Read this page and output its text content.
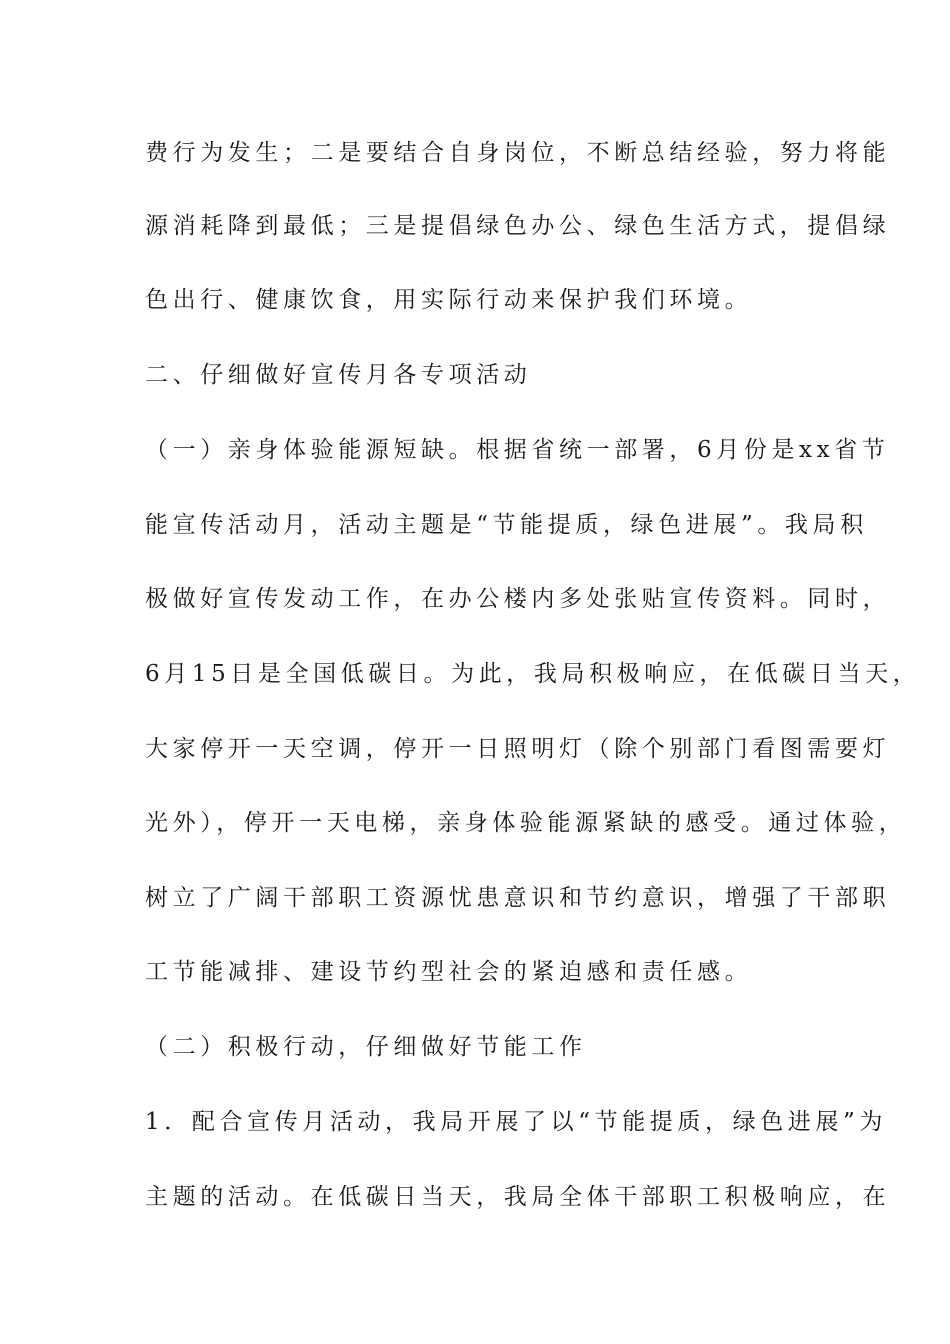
费行为发生；二是要结合自身岗位，不断总结经验，努力将能
源消耗降到最低；三是提倡绿色办公、绿色生活方式，提倡绿
色出行、健康饮食，用实际行动来保护我们环境。
二、仔细做好宣传月各专项活动
（一）亲身体验能源短缺。根据省统一部署，6月份是xx省节
能宣传活动月，活动主题是“节能提质，绿色进展”。我局积
极做好宣传发动工作，在办公楼内多处张贴宣传资料。同时，
6月15日是全国低碳日。为此，我局积极响应，在低碳日当天，
大家停开一天空调，停开一日照明灯（除个别部门看图需要灯
光外），停开一天电梯，亲身体验能源紧缺的感受。通过体验，
树立了广阔干部职工资源忧患意识和节约意识，增强了干部职
工节能减排、建设节约型社会的紧迫感和责任感。
（二）积极行动，仔细做好节能工作
1．配合宣传月活动，我局开展了以“节能提质，绿色进展”为
主题的活动。在低碳日当天，我局全体干部职工积极响应，在
